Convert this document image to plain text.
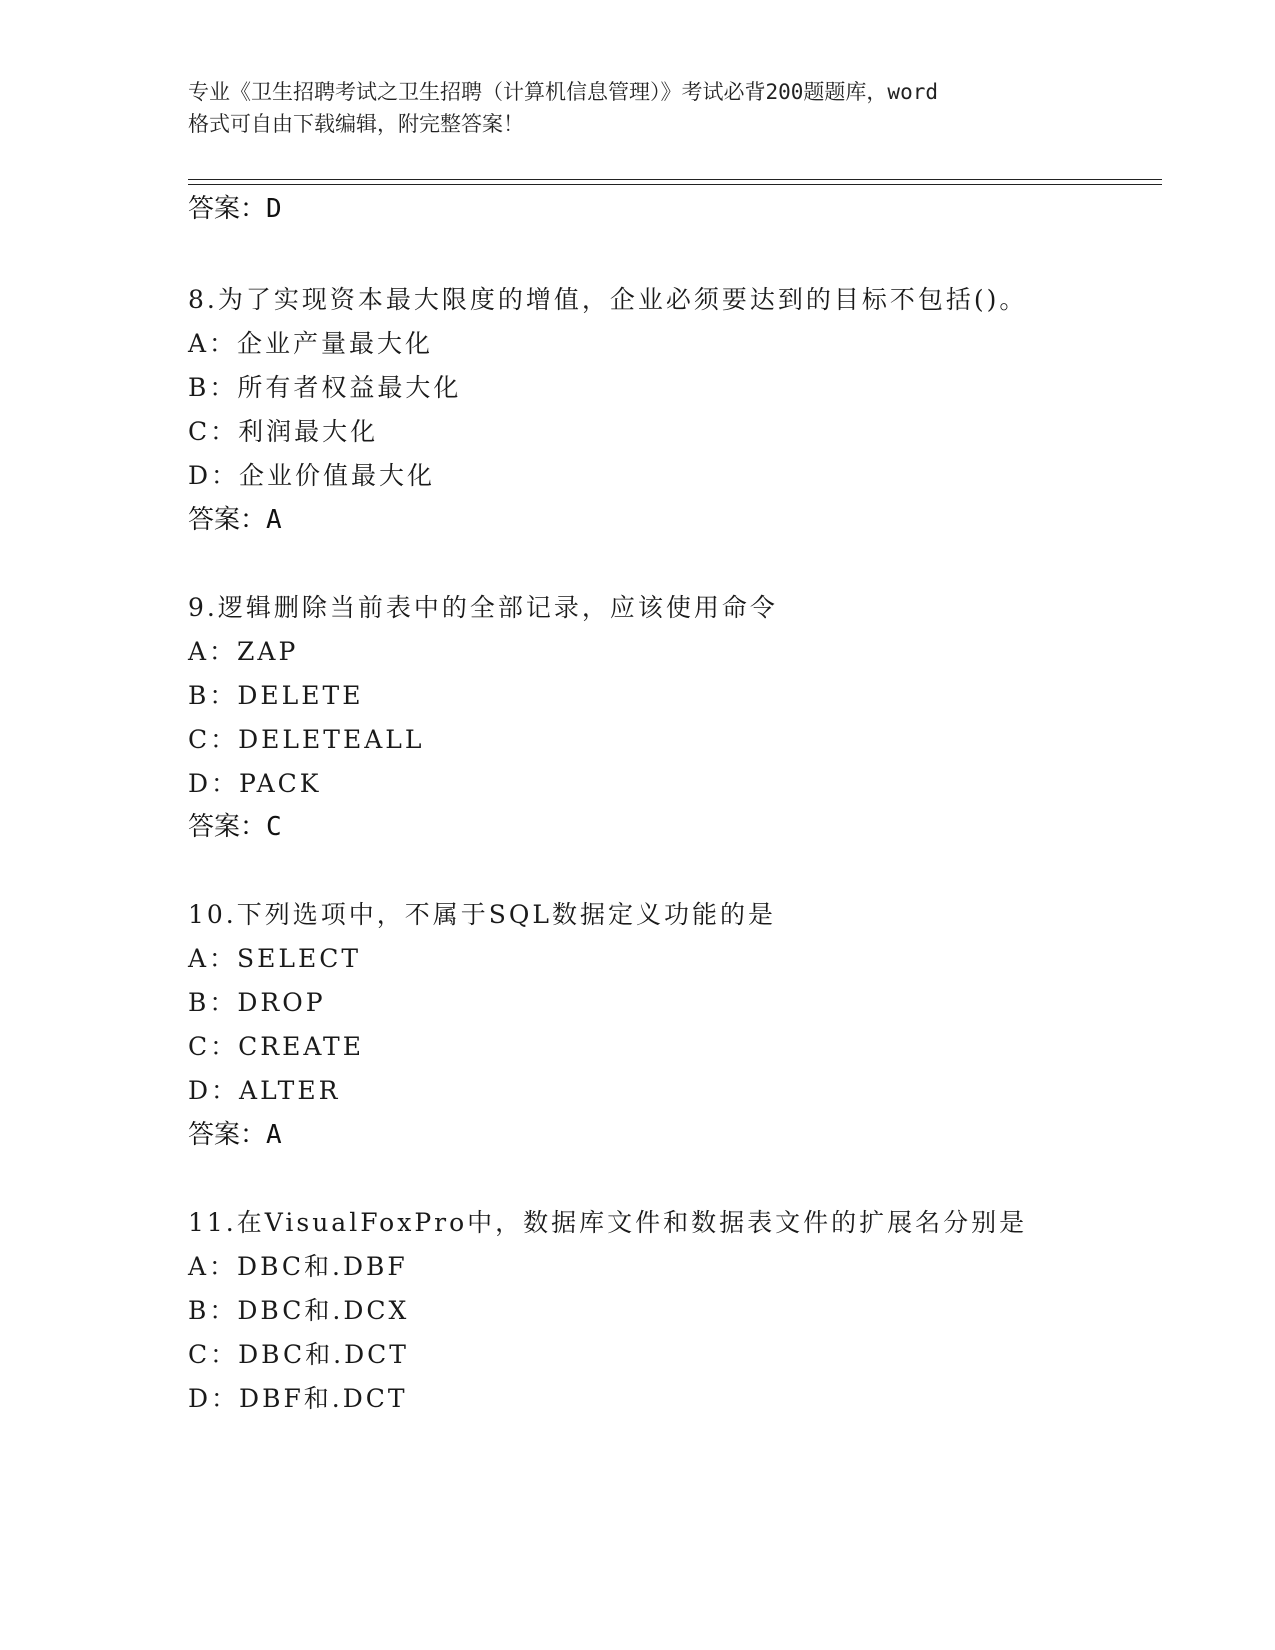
专业《卫生招聘考试之卫生招聘（计算机信息管理）》考试必背200题题库，word
格式可自由下载编辑，附完整答案！
答案：D
8.为了实现资本最大限度的增值，企业必须要达到的目标不包括()。
A：企业产量最大化
B：所有者权益最大化
C：利润最大化
D：企业价值最大化
答案：A
9.逻辑删除当前表中的全部记录，应该使用命令
A：ZAP
B：DELETE
C：DELETEALL
D：PACK
答案：C
10.下列选项中，不属于SQL数据定义功能的是
A：SELECT
B：DROP
C：CREATE
D：ALTER
答案：A
11.在VisualFoxPro中，数据库文件和数据表文件的扩展名分别是
A：DBC和.DBF
B：DBC和.DCX
C：DBC和.DCT
D：DBF和.DCT
